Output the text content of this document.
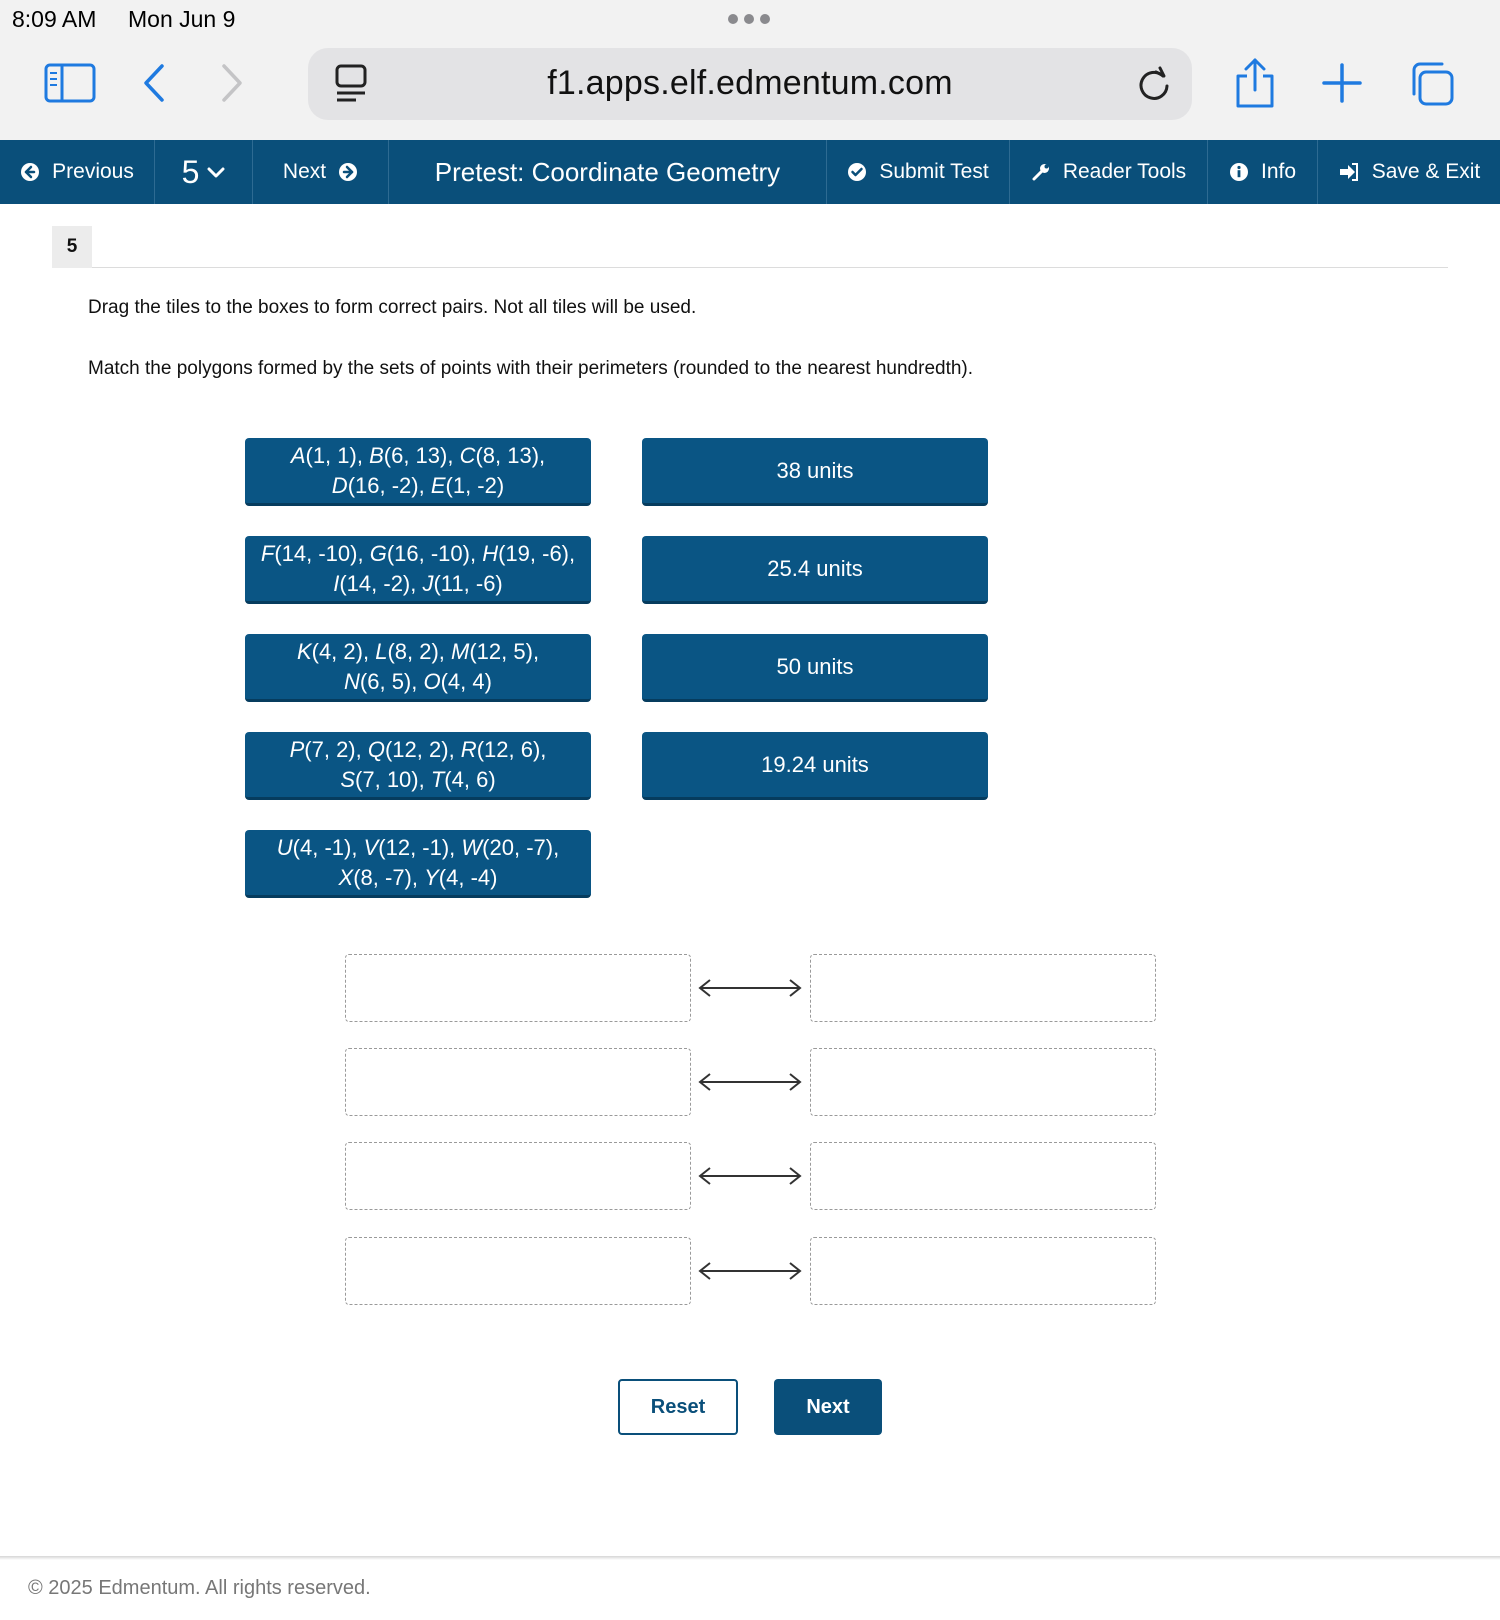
8:09 AM Mon Jun 9
f1.apps.elf.edmentum.com
Previous 5	Next	Pretest: Coordinate Geometry	Submit Test	Reader Tools	Info	Save & Exit
5
Drag the tiles to the boxes to form correct pairs. Not all tiles will be used.
Match the polygons formed by the sets of points with their perimeters (rounded to the nearest hundredth).
A(1, 1), B(6, 13), C(8, 13),
D(16, -2), E(1, -2)
F(14, -10), G(16, -10), H(19, -6),
I(14, -2), J(11, -6)
K(4, 2), L(8, 2), M(12, 5),
N(6, 5), O(4, 4)
P(7, 2), Q(12, 2), R(12, 6),
S(7, 10), T(4, 6)
U(4, -1), V(12, -1), W(20, -7),
X(8, -7), Y(4, -4)
38 units
25.4 units
50 units
19.24 units
Reset	Next
© 2025 Edmentum. All rights reserved.
